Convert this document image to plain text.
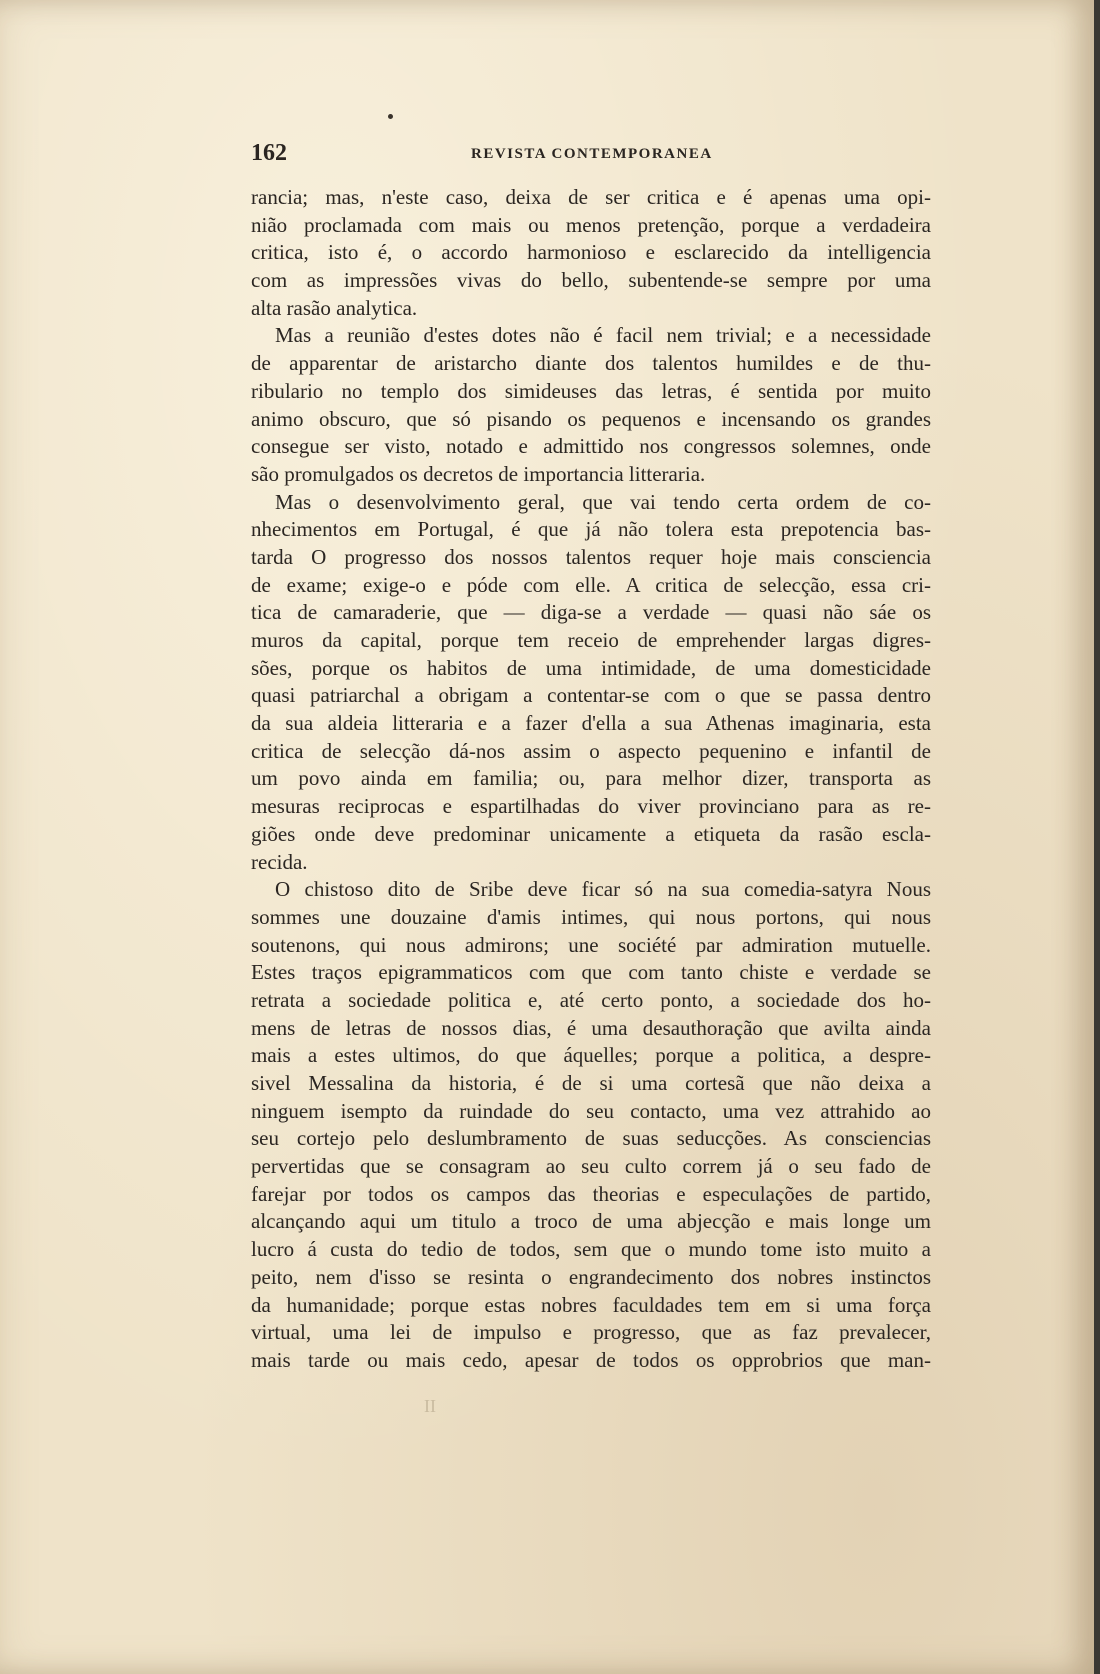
162	REVISTA CONTEMPORANEA
rancia; mas, n'este caso, deixa de ser critica e é apenas uma opi-
nião proclamada com mais ou menos pretenção, porque a verdadeira
critica, isto é, o accordo harmonioso e esclarecido da intelligencia
com as impressões vivas do bello, subentende-se sempre por uma
alta rasão analytica.
Mas a reunião d'estes dotes não é facil nem trivial; e a necessidade
de apparentar de aristarcho diante dos talentos humildes e de thu-
ribulario no templo dos simideuses das letras, é sentida por muito
animo obscuro, que só pisando os pequenos e incensando os grandes
consegue ser visto, notado e admittido nos congressos solemnes, onde
são promulgados os decretos de importancia litteraria.
Mas o desenvolvimento geral, que vai tendo certa ordem de co-
nhecimentos em Portugal, é que já não tolera esta prepotencia bas-
tarda O progresso dos nossos talentos requer hoje mais consciencia
de exame; exige-o e póde com elle. A critica de selecção, essa cri-
tica de camaraderie, que — diga-se a verdade — quasi não sáe os
muros da capital, porque tem receio de emprehender largas digres-
sões, porque os habitos de uma intimidade, de uma domesticidade
quasi patriarchal a obrigam a contentar-se com o que se passa dentro
da sua aldeia litteraria e a fazer d'ella a sua Athenas imaginaria, esta
critica de selecção dá-nos assim o aspecto pequenino e infantil de
um povo ainda em familia; ou, para melhor dizer, transporta as
mesuras reciprocas e espartilhadas do viver provinciano para as re-
giões onde deve predominar unicamente a etiqueta da rasão escla-
recida.
O chistoso dito de Sribe deve ficar só na sua comedia-satyra Nous
sommes une douzaine d'amis intimes, qui nous portons, qui nous
soutenons, qui nous admirons; une société par admiration mutuelle.
Estes traços epigrammaticos com que com tanto chiste e verdade se
retrata a sociedade politica e, até certo ponto, a sociedade dos ho-
mens de letras de nossos dias, é uma desauthoração que avilta ainda
mais a estes ultimos, do que áquelles; porque a politica, a despre-
sivel Messalina da historia, é de si uma cortesã que não deixa a
ninguem isempto da ruindade do seu contacto, uma vez attrahido ao
seu cortejo pelo deslumbramento de suas seducções. As consciencias
pervertidas que se consagram ao seu culto correm já o seu fado de
farejar por todos os campos das theorias e especulações de partido,
alcançando aqui um titulo a troco de uma abjecção e mais longe um
lucro á custa do tedio de todos, sem que o mundo tome isto muito a
peito, nem d'isso se resinta o engrandecimento dos nobres instinctos
da humanidade; porque estas nobres faculdades tem em si uma força
virtual, uma lei de impulso e progresso, que as faz prevalecer,
mais tarde ou mais cedo, apesar de todos os opprobrios que man-
II
